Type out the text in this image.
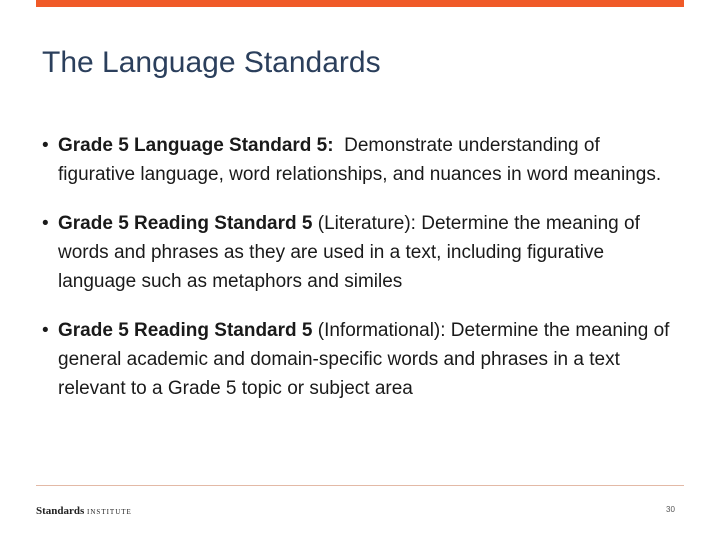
The Language Standards
• Grade 5 Language Standard 5:  Demonstrate understanding of figurative language, word relationships, and nuances in word meanings.
• Grade 5 Reading Standard 5 (Literature): Determine the meaning of words and phrases as they are used in a text, including figurative language such as metaphors and similes
• Grade 5 Reading Standard 5 (Informational): Determine the meaning of general academic and domain-specific words and phrases in a text relevant to a Grade 5 topic or subject area
Standards INSTITUTE	30
